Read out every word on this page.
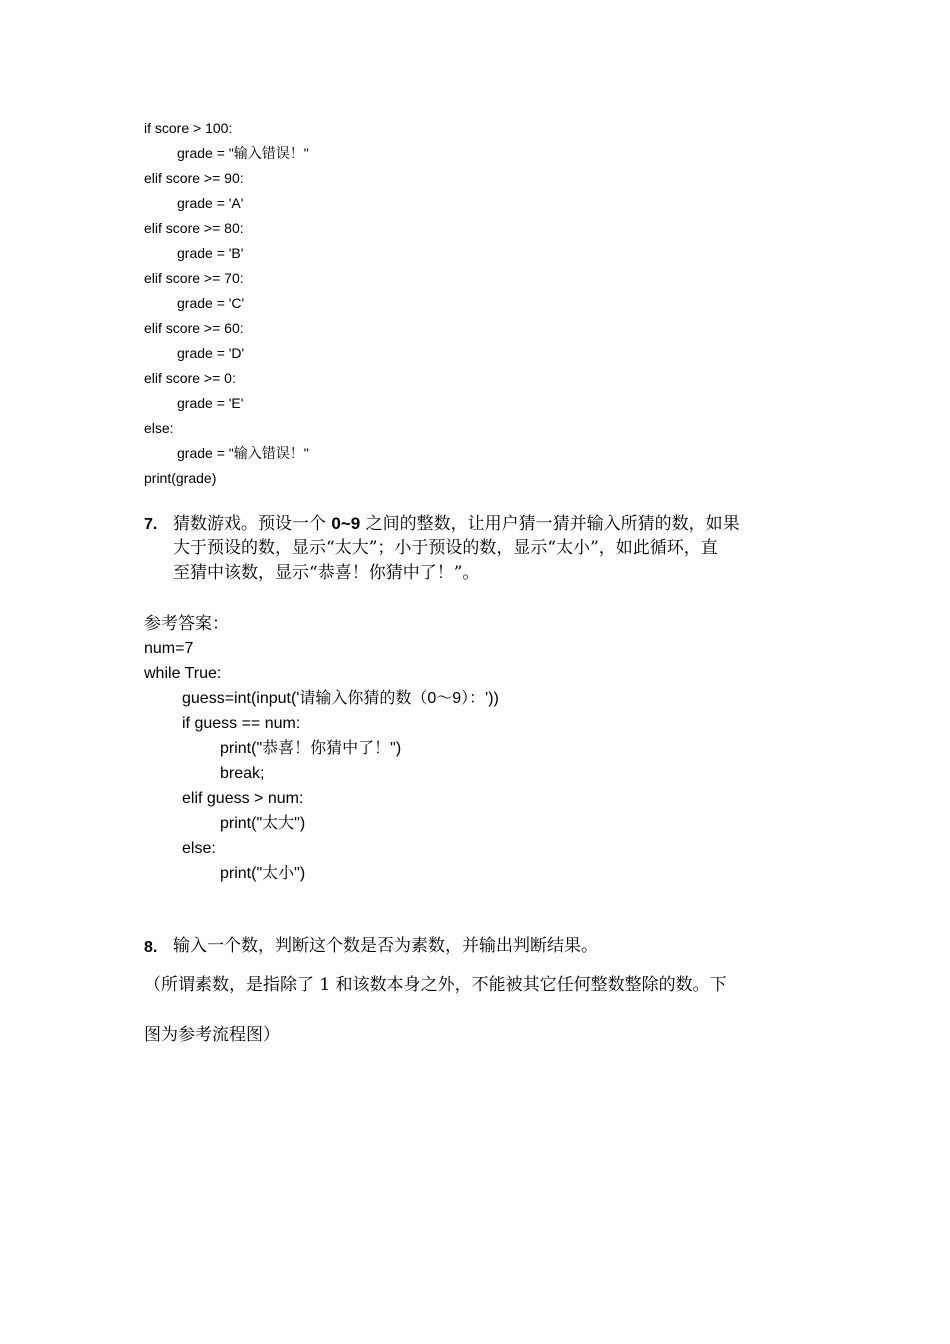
if score > 100:
grade = "输入错误！"
elif score >= 90:
grade = 'A'
elif score >= 80:
grade = 'B'
elif score >= 70:
grade = 'C'
elif score >= 60:
grade = 'D'
elif score >= 0:
grade = 'E'
else:
grade = "输入错误！"
print(grade)
7. 猜数游戏。预设一个 0~9 之间的整数，让用户猜一猜并输入所猜的数，如果
大于预设的数，显示“太大”；小于预设的数，显示“太小”，如此循环，直
至猜中该数，显示“恭喜！你猜中了！”。
参考答案：
num=7
while True:
guess=int(input('请输入你猜的数（0～9）：'))
if guess == num:
print("恭喜！你猜中了！")
break;
elif guess > num:
print("太大")
else:
print("太小")
8. 输入一个数，判断这个数是否为素数，并输出判断结果。
（所谓素数，是指除了 1 和该数本身之外，不能被其它任何整数整除的数。下
图为参考流程图）
